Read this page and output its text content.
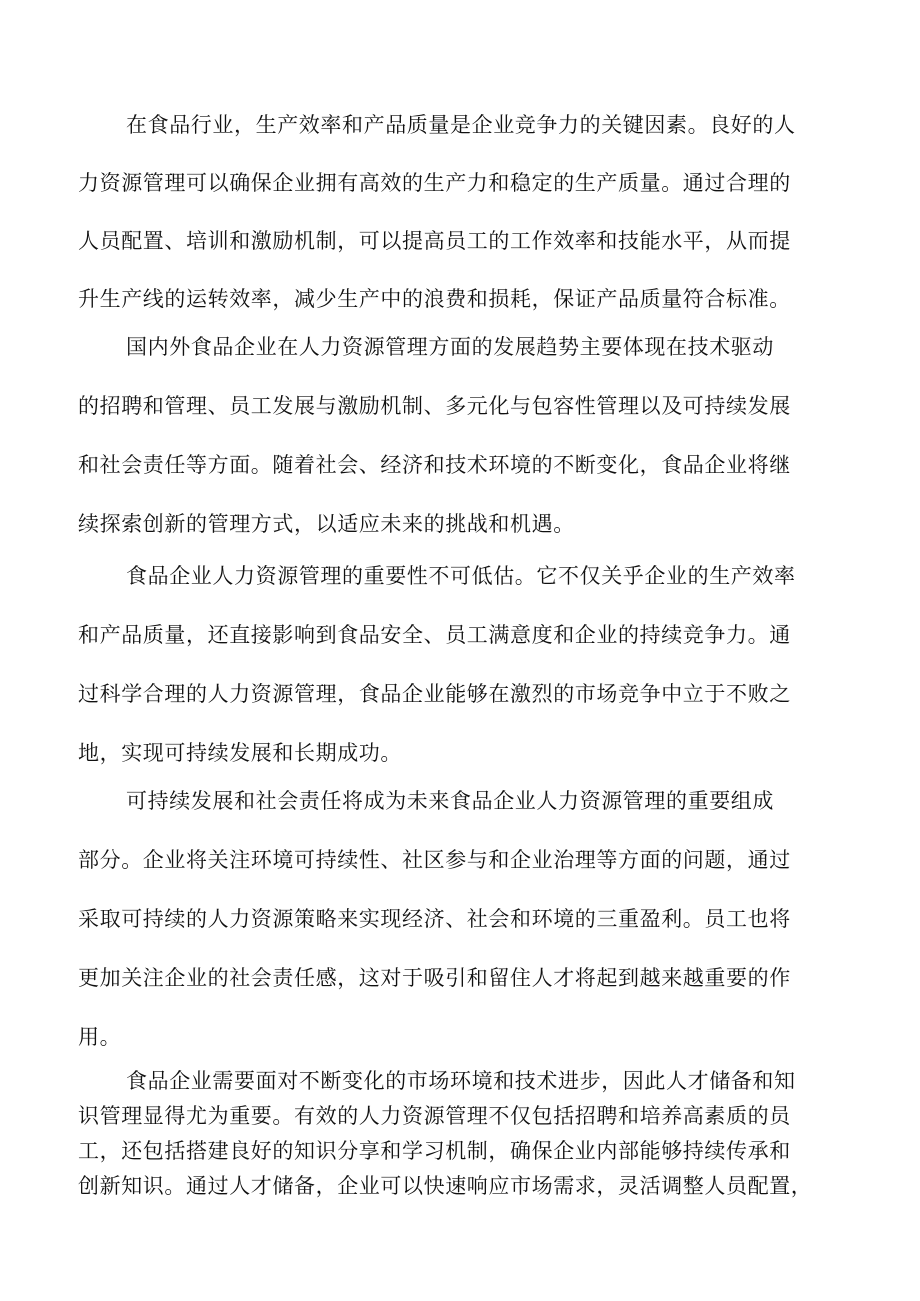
在食品行业，生产效率和产品质量是企业竞争力的关键因素。良好的人
力资源管理可以确保企业拥有高效的生产力和稳定的生产质量。通过合理的
人员配置、培训和激励机制，可以提高员工的工作效率和技能水平，从而提
升生产线的运转效率，减少生产中的浪费和损耗，保证产品质量符合标准。
国内外食品企业在人力资源管理方面的发展趋势主要体现在技术驱动
的招聘和管理、员工发展与激励机制、多元化与包容性管理以及可持续发展
和社会责任等方面。随着社会、经济和技术环境的不断变化，食品企业将继
续探索创新的管理方式，以适应未来的挑战和机遇。
食品企业人力资源管理的重要性不可低估。它不仅关乎企业的生产效率
和产品质量，还直接影响到食品安全、员工满意度和企业的持续竞争力。通
过科学合理的人力资源管理，食品企业能够在激烈的市场竞争中立于不败之
地，实现可持续发展和长期成功。
可持续发展和社会责任将成为未来食品企业人力资源管理的重要组成
部分。企业将关注环境可持续性、社区参与和企业治理等方面的问题，通过
采取可持续的人力资源策略来实现经济、社会和环境的三重盈利。员工也将
更加关注企业的社会责任感，这对于吸引和留住人才将起到越来越重要的作
用。
食品企业需要面对不断变化的市场环境和技术进步，因此人才储备和知
识管理显得尤为重要。有效的人力资源管理不仅包括招聘和培养高素质的员
工，还包括搭建良好的知识分享和学习机制，确保企业内部能够持续传承和
创新知识。通过人才储备，企业可以快速响应市场需求，灵活调整人员配置，
